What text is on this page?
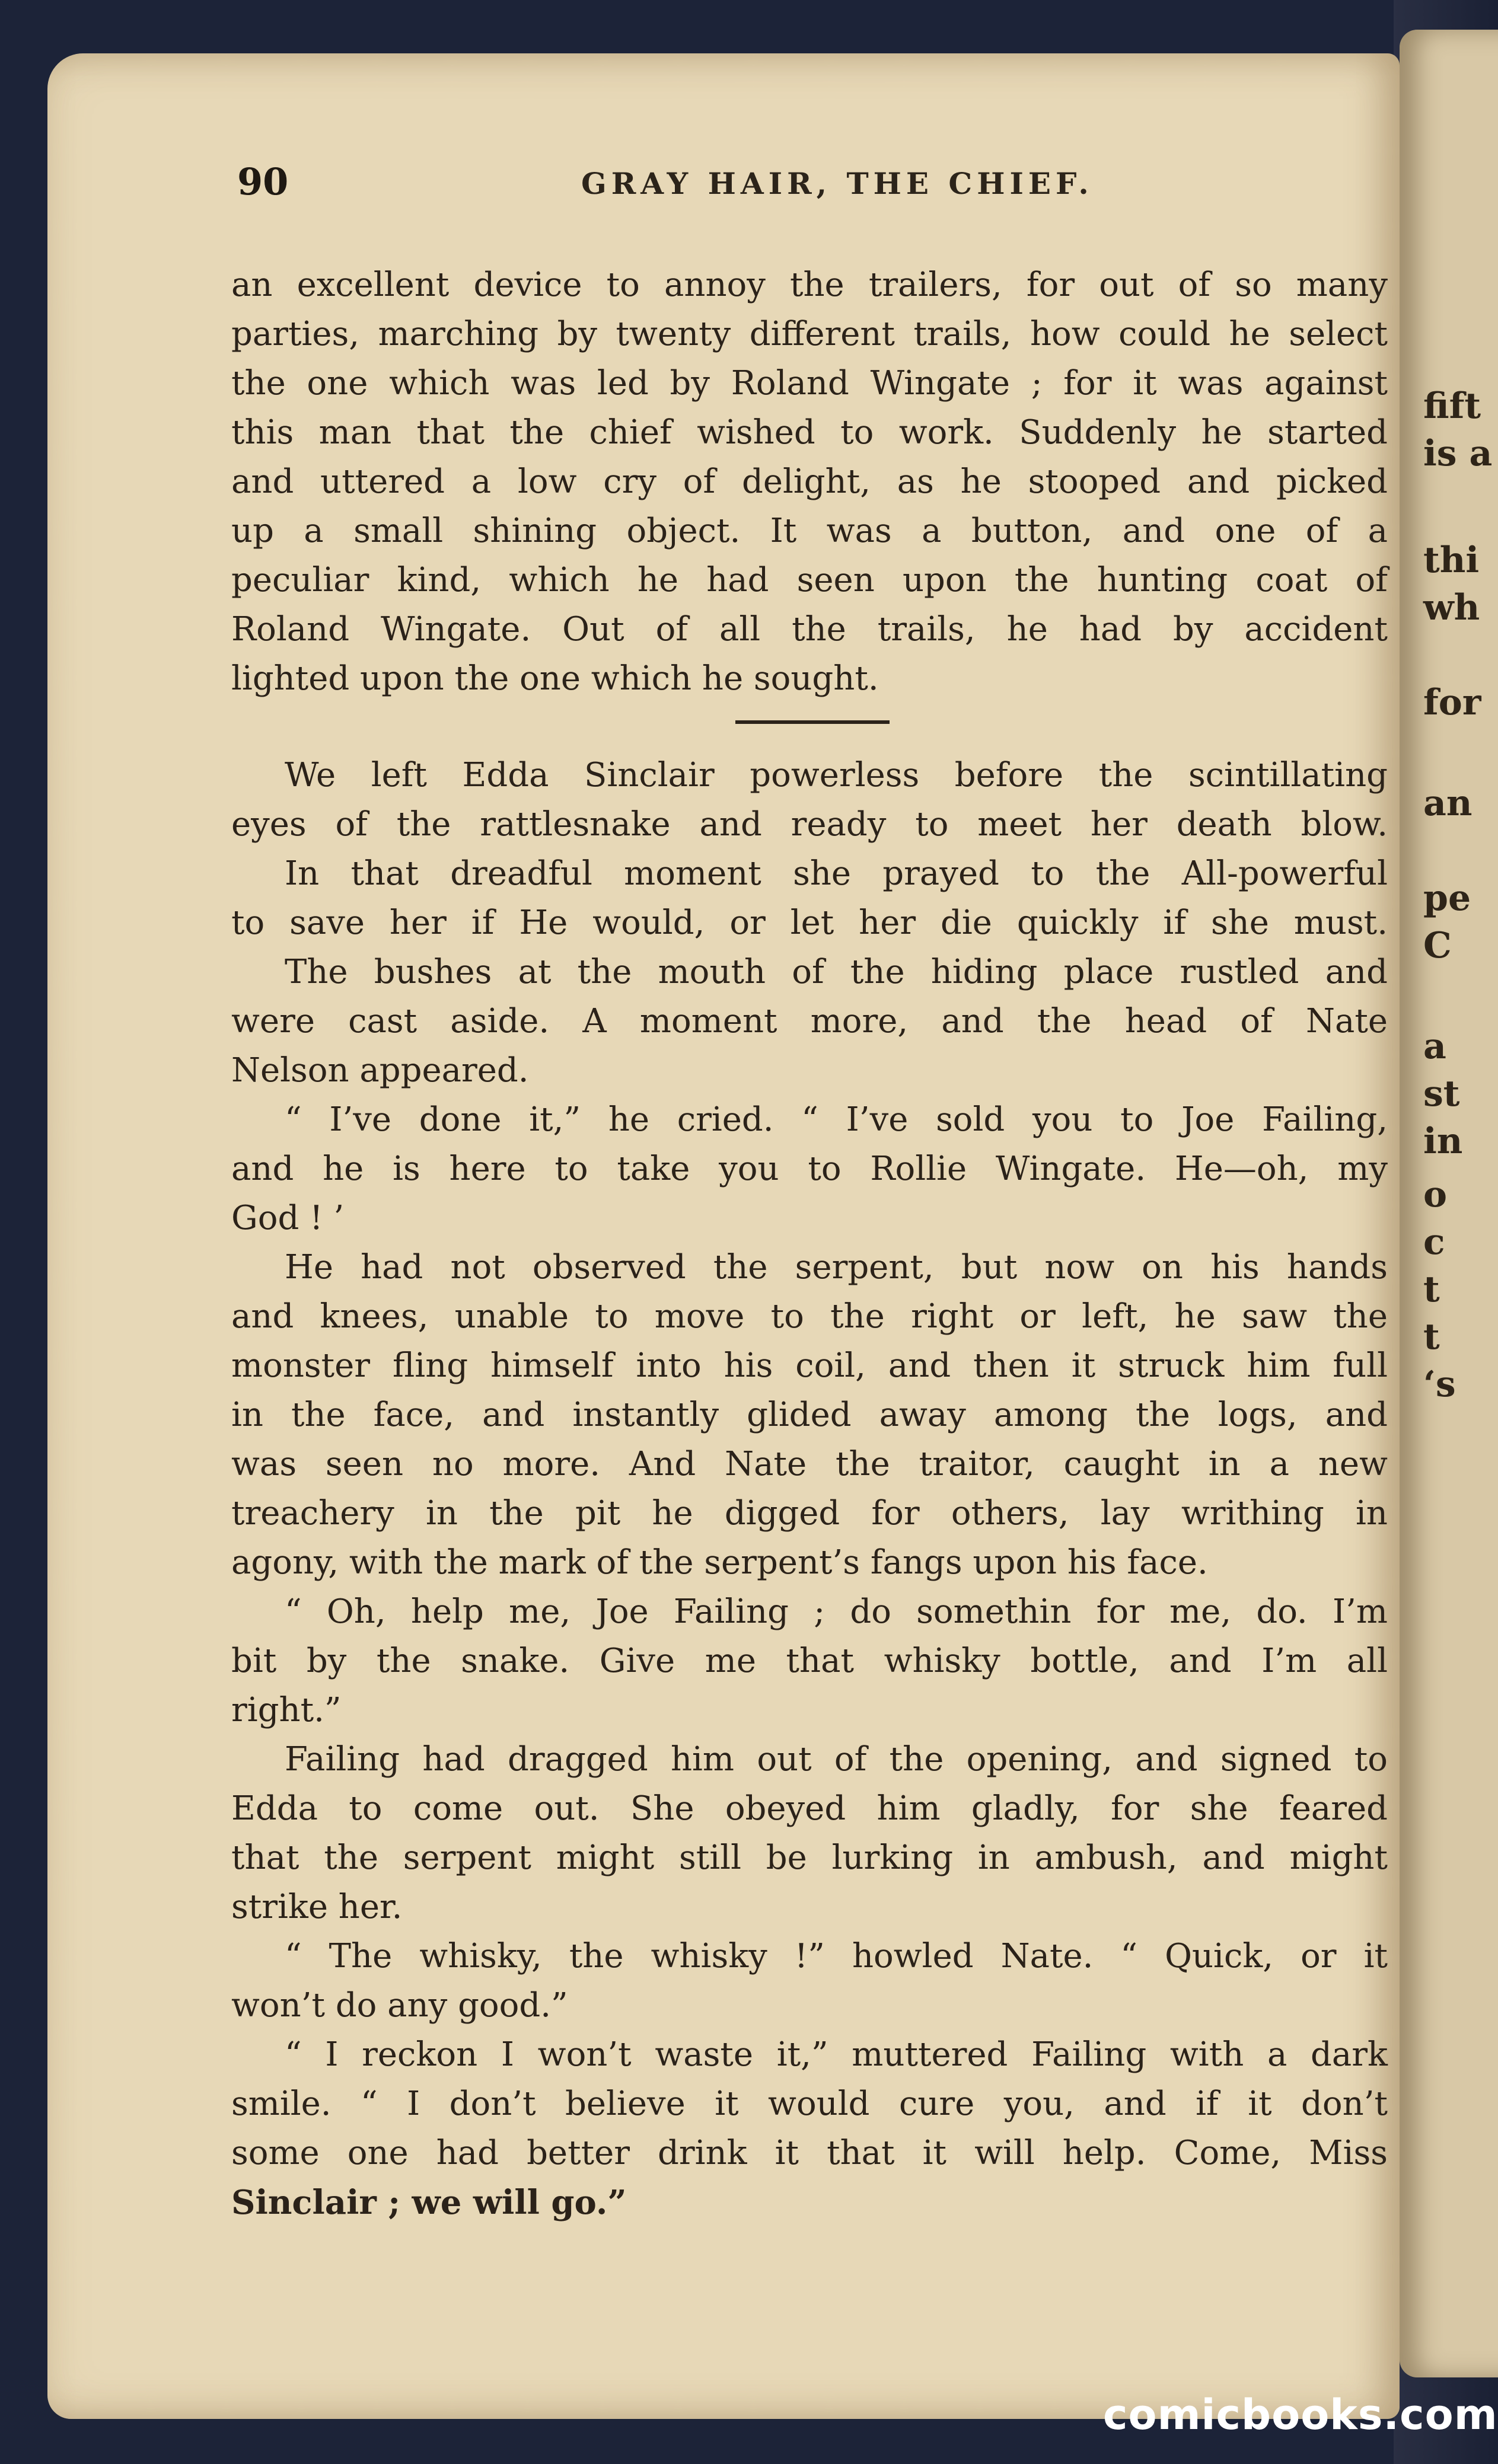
fift
is a
thi
wh
for
an
pe
C
a
st
in
o
c
t
t
‘s
90	GRAY HAIR, THE CHIEF.
an excellent device to annoy the trailers, for out of so many
parties, marching by twenty different trails, how could he select
the one which was led by Roland Wingate ; for it was against
this man that the chief wished to work. Suddenly he started
and uttered a low cry of delight, as he stooped and picked
up a small shining object. It was a button, and one of a
peculiar kind, which he had seen upon the hunting coat of
Roland Wingate. Out of all the trails, he had by accident
lighted upon the one which he sought.
We left Edda Sinclair powerless before the scintillating
eyes of the rattlesnake and ready to meet her death blow.
In that dreadful moment she prayed to the All-powerful
to save her if He would, or let her die quickly if she must.
The bushes at the mouth of the hiding place rustled and
were cast aside. A moment more, and the head of Nate
Nelson appeared.
“ I’ve done it,” he cried. “ I’ve sold you to Joe Failing,
and he is here to take you to Rollie Wingate. He—oh, my
God ! ’
He had not observed the serpent, but now on his hands
and knees, unable to move to the right or left, he saw the
monster fling himself into his coil, and then it struck him full
in the face, and instantly glided away among the logs, and
was seen no more. And Nate the traitor, caught in a new
treachery in the pit he digged for others, lay writhing in
agony, with the mark of the serpent’s fangs upon his face.
“ Oh, help me, Joe Failing ; do somethin for me, do. I’m
bit by the snake. Give me that whisky bottle, and I’m all
right.”
Failing had dragged him out of the opening, and signed to
Edda to come out. She obeyed him gladly, for she feared
that the serpent might still be lurking in ambush, and might
strike her.
“ The whisky, the whisky !” howled Nate. “ Quick, or it
won’t do any good.”
“ I reckon I won’t waste it,” muttered Failing with a dark
smile. “ I don’t believe it would cure you, and if it don’t
some one had better drink it that it will help. Come, Miss
Sinclair ; we will go.”
comicbooks.com
